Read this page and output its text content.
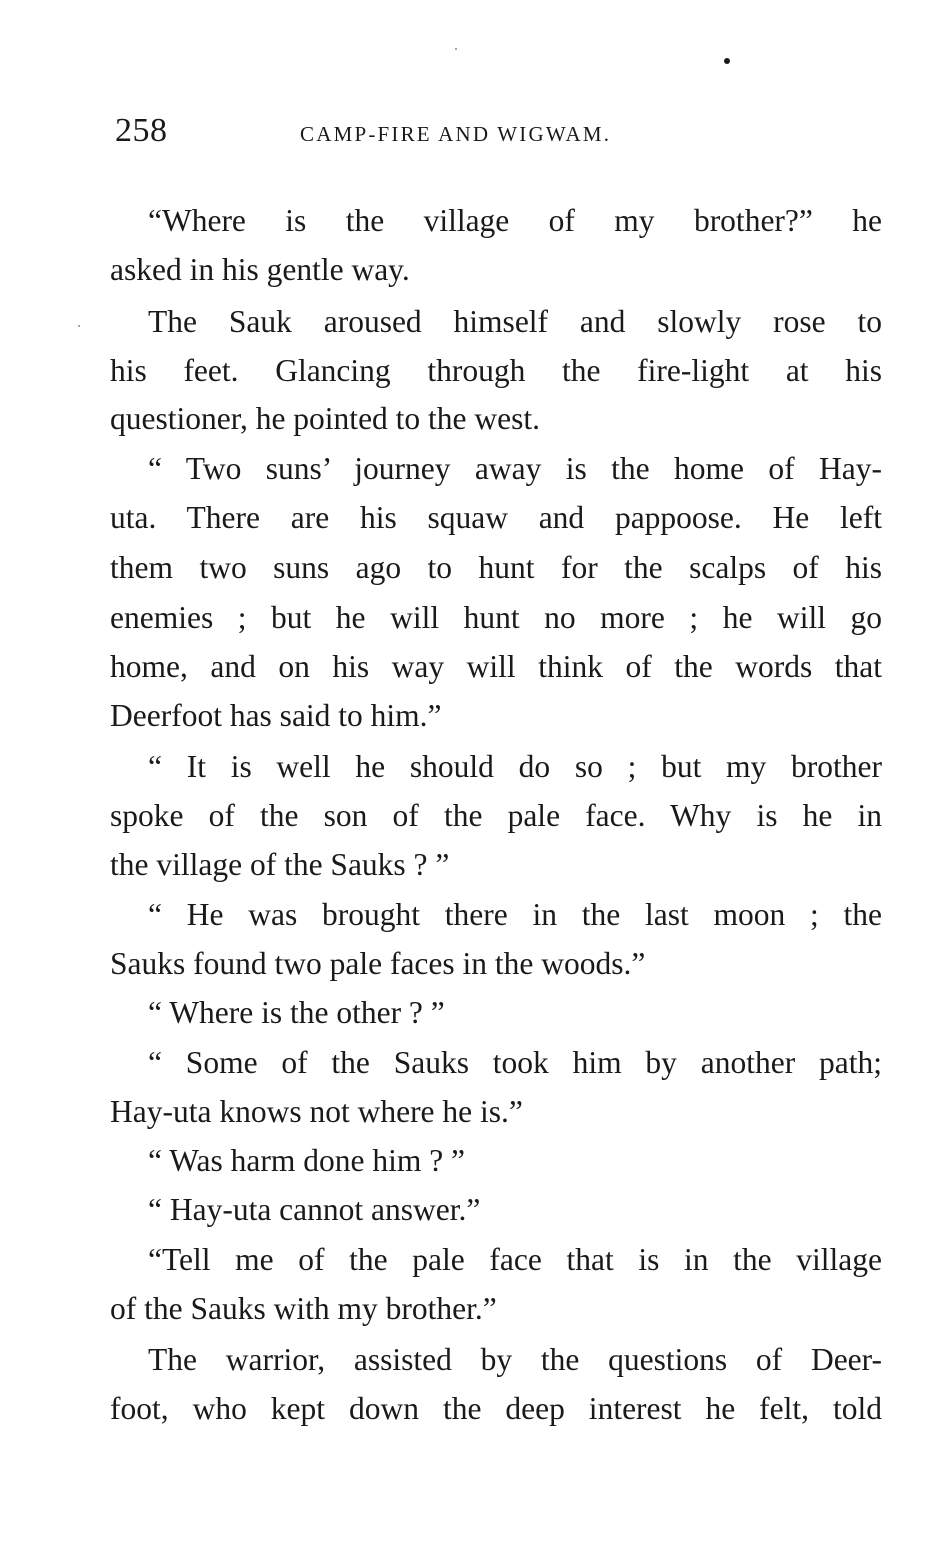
258	CAMP-FIRE AND WIGWAM.
“Where is the village of my brother?” he
asked in his gentle way.
The Sauk aroused himself and slowly rose to
his feet. Glancing through the fire-light at his
questioner, he pointed to the west.
“ Two suns’ journey away is the home of Hay-
uta. There are his squaw and pappoose. He left
them two suns ago to hunt for the scalps of his
enemies ; but he will hunt no more ; he will go
home, and on his way will think of the words that
Deerfoot has said to him.”
“ It is well he should do so ; but my brother
spoke of the son of the pale face. Why is he in
the village of the Sauks ? ”
“ He was brought there in the last moon ; the
Sauks found two pale faces in the woods.”
“ Where is the other ? ”
“ Some of the Sauks took him by another path;
Hay-uta knows not where he is.”
“ Was harm done him ? ”
“ Hay-uta cannot answer.”
“Tell me of the pale face that is in the village
of the Sauks with my brother.”
The warrior, assisted by the questions of Deer-
foot, who kept down the deep interest he felt, told
